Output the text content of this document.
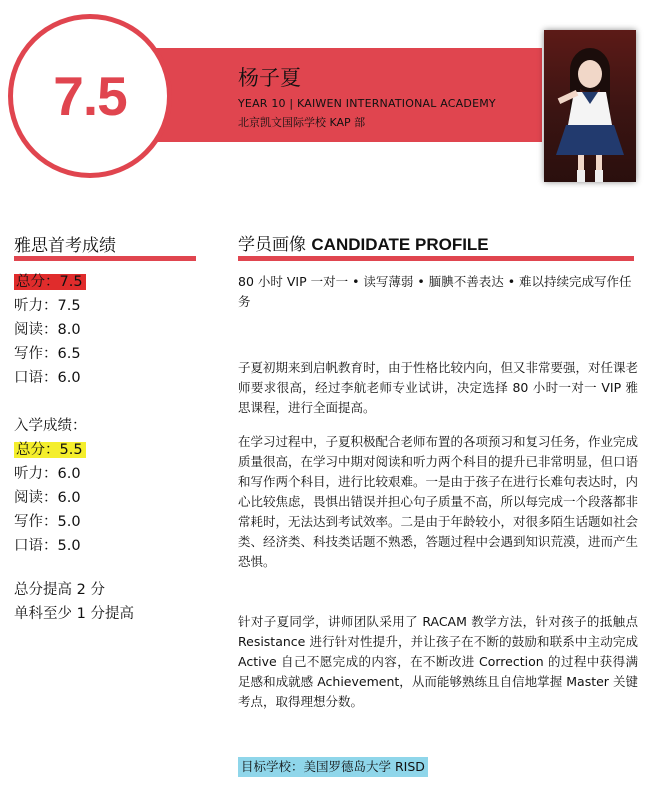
7.5	杨子夏
YEAR 10 | KAIWEN INTERNATIONAL ACADEMY
北京凯文国际学校 KAP 部
雅思首考成绩
总分：7.5
听力：7.5
阅读：8.0
写作：6.5
口语：6.0
入学成绩：
总分：5.5
听力：6.0
阅读：6.0
写作：5.0
口语：5.0
总分提高 2 分
单科至少 1 分提高
学员画像 CANDIDATE PROFILE
80 小时 VIP 一对一 • 读写薄弱 • 腼腆不善表达 • 难以持续完成写作任务
子夏初期来到启帆教育时，由于性格比较内向，但又非常要强，对任课老师要求很高，经过李航老师专业试讲，决定选择 80 小时一对一 VIP 雅思课程，进行全面提高。
在学习过程中，子夏积极配合老师布置的各项预习和复习任务，作业完成质量很高，在学习中期对阅读和听力两个科目的提升已非常明显，但口语和写作两个科目，进行比较艰难。一是由于孩子在进行长难句表达时，内心比较焦虑，畏惧出错误并担心句子质量不高，所以每完成一个段落都非常耗时，无法达到考试效率。二是由于年龄较小，对很多陌生话题如社会类、经济类、科技类话题不熟悉，答题过程中会遇到知识荒漠，进而产生恐惧。
针对子夏同学，讲师团队采用了 RACAM 教学方法，针对孩子的抵触点 Resistance 进行针对性提升，并让孩子在不断的鼓励和联系中主动完成 Active 自己不愿完成的内容，在不断改进 Correction 的过程中获得满足感和成就感 Achievement，从而能够熟练且自信地掌握 Master 关键考点，取得理想分数。
目标学校：美国罗德岛大学 RISD
